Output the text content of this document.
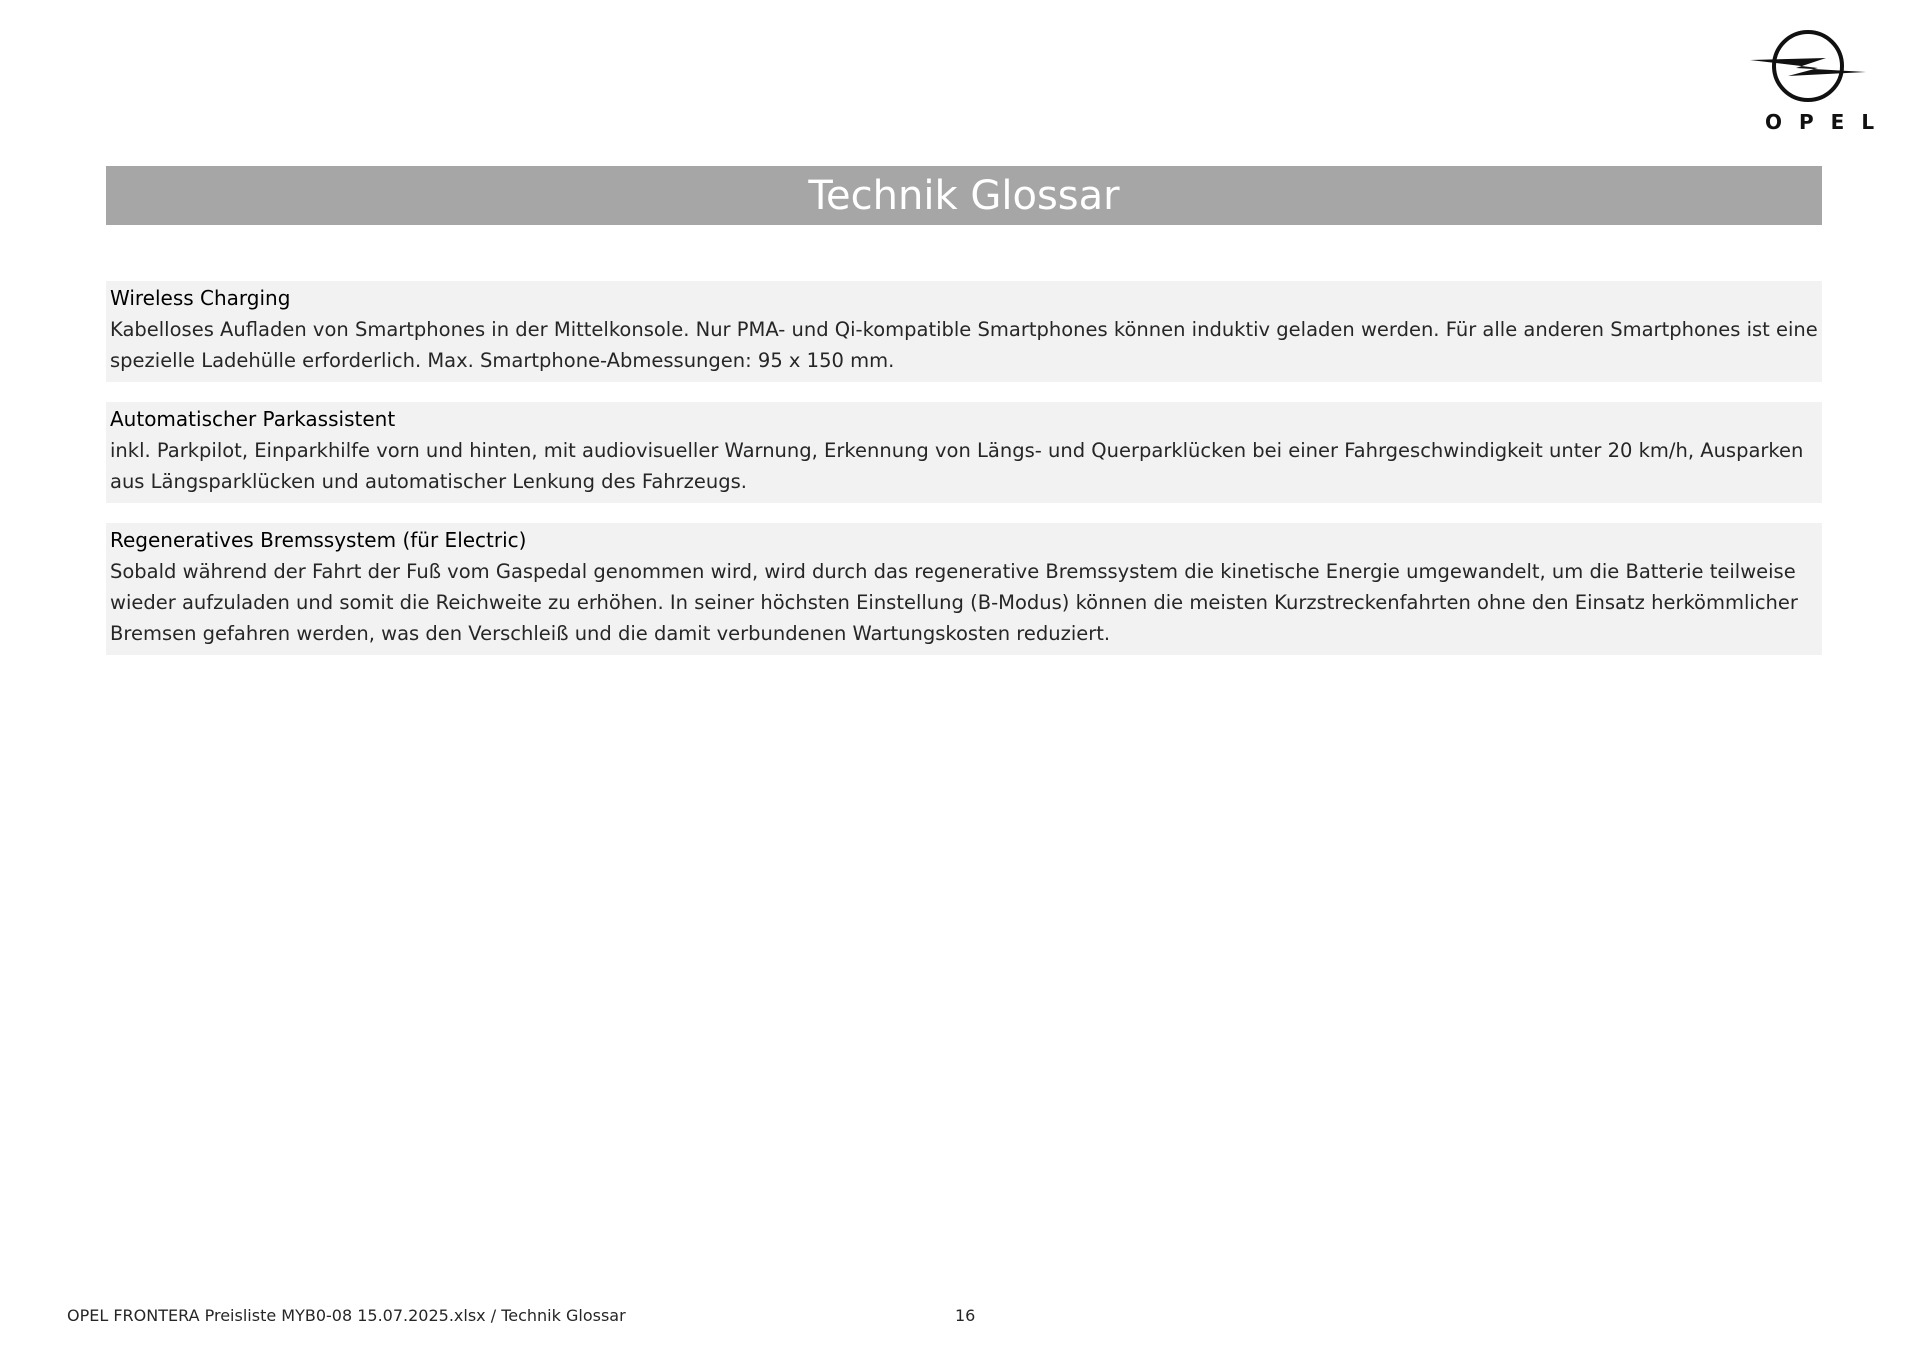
OPEL
Technik Glossar
Wireless Charging
Kabelloses Aufladen von Smartphones in der Mittelkonsole. Nur PMA- und Qi-kompatible Smartphones können induktiv geladen werden. Für alle anderen Smartphones ist eine spezielle Ladehülle erforderlich. Max. Smartphone-Abmessungen: 95 x 150 mm.
Automatischer Parkassistent
inkl. Parkpilot, Einparkhilfe vorn und hinten, mit audiovisueller Warnung, Erkennung von Längs- und Querparklücken bei einer Fahrgeschwindigkeit unter 20 km/h, Ausparken aus Längsparklücken und automatischer Lenkung des Fahrzeugs.
Regeneratives Bremssystem (für Electric)
Sobald während der Fahrt der Fuß vom Gaspedal genommen wird, wird durch das regenerative Bremssystem die kinetische Energie umgewandelt, um die Batterie teilweise wieder aufzuladen und somit die Reichweite zu erhöhen. In seiner höchsten Einstellung (B-Modus) können die meisten Kurzstreckenfahrten ohne den Einsatz herkömmlicher Bremsen gefahren werden, was den Verschleiß und die damit verbundenen Wartungskosten reduziert.
OPEL FRONTERA Preisliste MYB0-08 15.07.2025.xlsx / Technik Glossar	16
